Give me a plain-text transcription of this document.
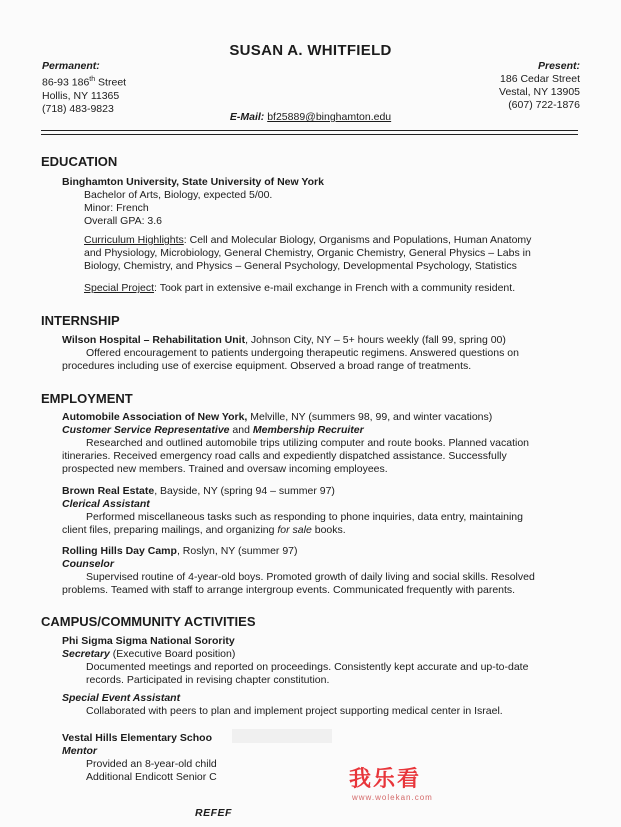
SUSAN A. WHITFIELD
Permanent:
86-93 186th Street
Hollis, NY 11365
(718) 483-9823
Present:
186 Cedar Street
Vestal, NY 13905
(607) 722-1876
E-Mail: bf25889@binghamton.edu
EDUCATION
Binghamton University, State University of New York
Bachelor of Arts, Biology, expected 5/00.
Minor: French
Overall GPA: 3.6
Curriculum Highlights: Cell and Molecular Biology, Organisms and Populations, Human Anatomy
and Physiology, Microbiology, General Chemistry, Organic Chemistry, General Physics – Labs in
Biology, Chemistry, and Physics – General Psychology, Developmental Psychology, Statistics
Special Project: Took part in extensive e-mail exchange in French with a community resident.
INTERNSHIP
Wilson Hospital – Rehabilitation Unit, Johnson City, NY – 5+ hours weekly (fall 99, spring 00)
Offered encouragement to patients undergoing therapeutic regimens. Answered questions on
procedures including use of exercise equipment. Observed a broad range of treatments.
EMPLOYMENT
Automobile Association of New York, Melville, NY (summers 98, 99, and winter vacations)
Customer Service Representative and Membership Recruiter
Researched and outlined automobile trips utilizing computer and route books. Planned vacation
itineraries. Received emergency road calls and expediently dispatched assistance. Successfully
prospected new members. Trained and oversaw incoming employees.
Brown Real Estate, Bayside, NY (spring 94 – summer 97)
Clerical Assistant
Performed miscellaneous tasks such as responding to phone inquiries, data entry, maintaining
client files, preparing mailings, and organizing for sale books.
Rolling Hills Day Camp, Roslyn, NY (summer 97)
Counselor
Supervised routine of 4-year-old boys. Promoted growth of daily living and social skills. Resolved
problems. Teamed with staff to arrange intergroup events. Communicated frequently with parents.
CAMPUS/COMMUNITY ACTIVITIES
Phi Sigma Sigma National Sorority
Secretary (Executive Board position)
Documented meetings and reported on proceedings. Consistently kept accurate and up-to-date
records. Participated in revising chapter constitution.
Special Event Assistant
Collaborated with peers to plan and implement project supporting medical center in Israel.
Vestal Hills Elementary Schoo
Mentor
Provided an 8-year-old child
Additional Endicott Senior C	我乐看
www.wolekan.com
REFEF
